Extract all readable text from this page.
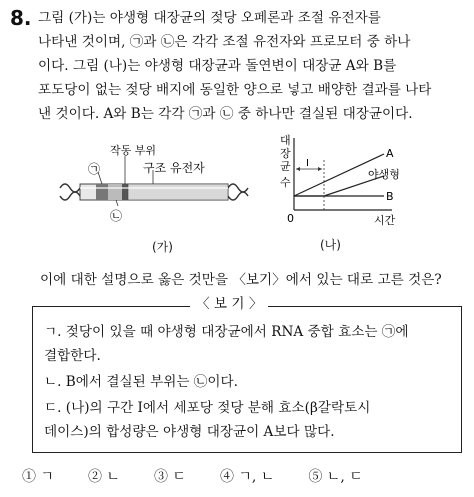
8. 그림 (가)는 야생형 대장균의 젖당 오페론과 조절 유전자를
나타낸 것이며, ㉠과 ㉡은 각각 조절 유전자와 프로모터 중 하나
이다. 그림 (나)는 야생형 대장균과 돌연변이 대장균 A와 B를
포도당이 없는 젖당 배지에 동일한 양으로 넣고 배양한 결과를 나타
낸 것이다. A와 B는 각각 ㉠과 ㉡ 중 하나만 결실된 대장균이다.
작동 부위
구조 유전자
㉠
㉡
(가)
대
장
균
수
0	시간
I
A
야생형
B
(나)
이에 대한 설명으로 옳은 것만을 〈보기〉에서 있는 대로 고른 것은?
〈 보 기 〉
ㄱ. 젖당이 있을 때 야생형 대장균에서 RNA 중합 효소는 ㉠에
결합한다.
ㄴ. B에서 결실된 부위는 ㉡이다.
ㄷ. (나)의 구간 Ⅰ에서 세포당 젖당 분해 효소(β갈락토시
데이스)의 합성량은 야생형 대장균이 A보다 많다.
① ㄱ ② ㄴ ③ ㄷ ④ ㄱ, ㄴ ⑤ ㄴ, ㄷ
